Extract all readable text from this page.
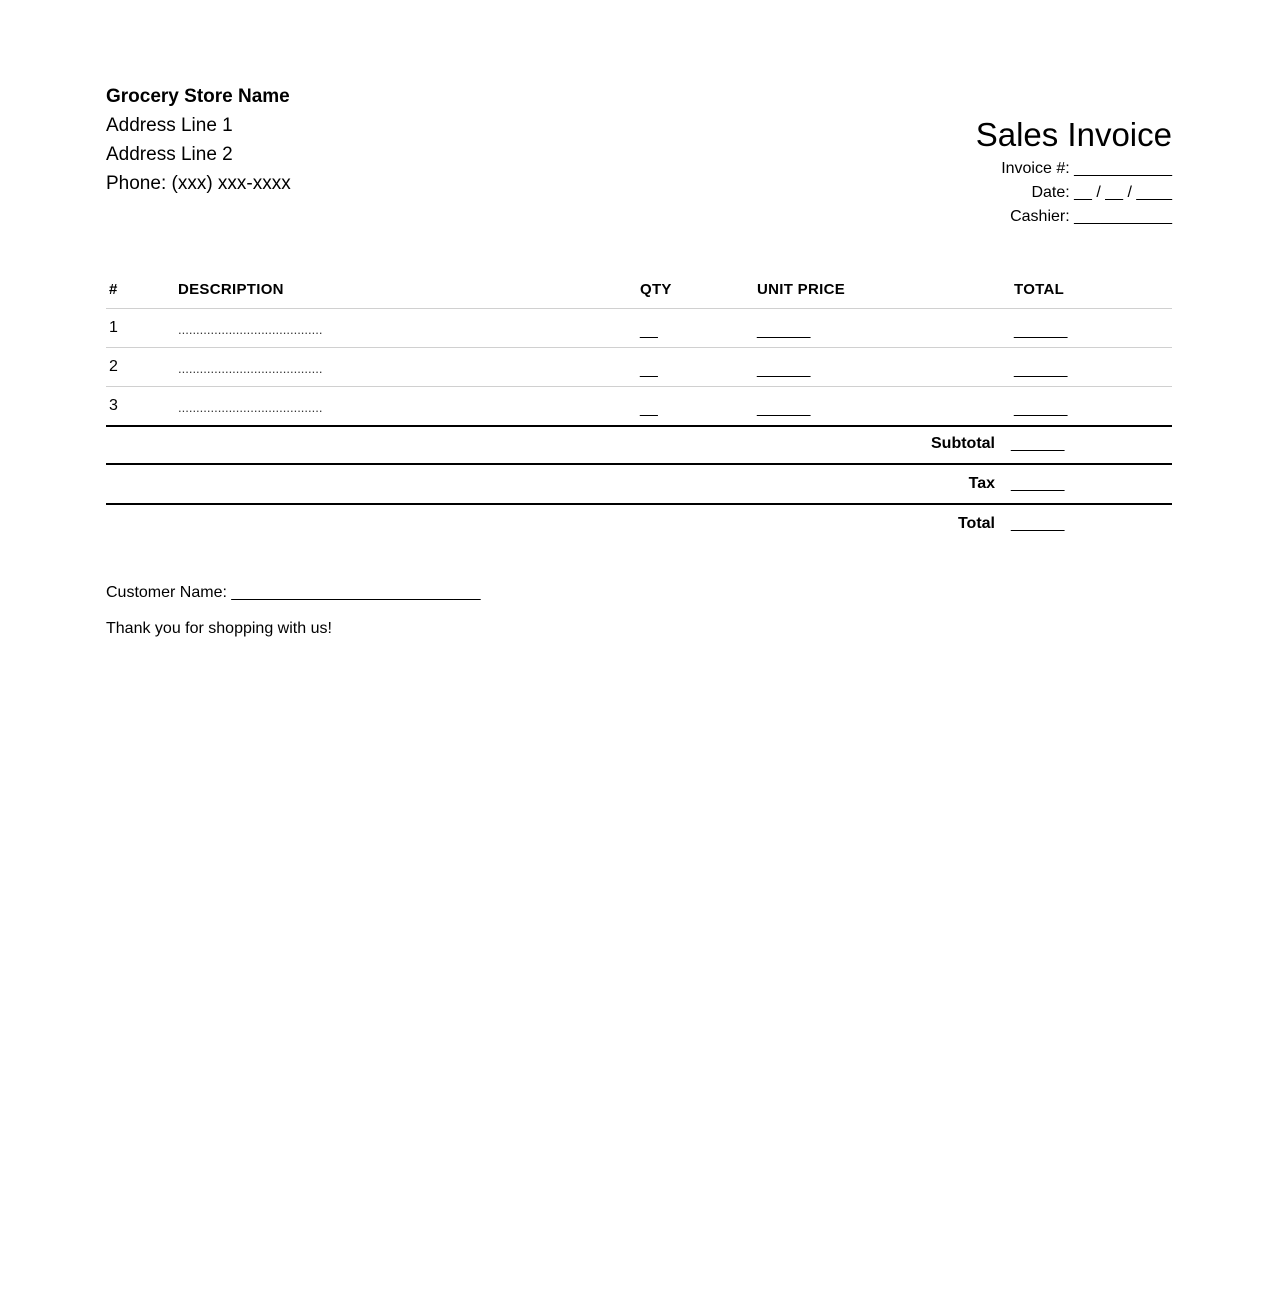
Grocery Store Name
Address Line 1
Address Line 2
Phone: (xxx) xxx-xxxx
Sales Invoice
Invoice #: ___________
Date: __ / __ / ____
Cashier: ___________
#	DESCRIPTION	QTY	UNIT PRICE	TOTAL
1	........................................	__	______	______
2	........................................	__	______	______
3	........................................	__	______	______
Subtotal ______
Tax ______
Total ______
Customer Name: ____________________________
Thank you for shopping with us!
